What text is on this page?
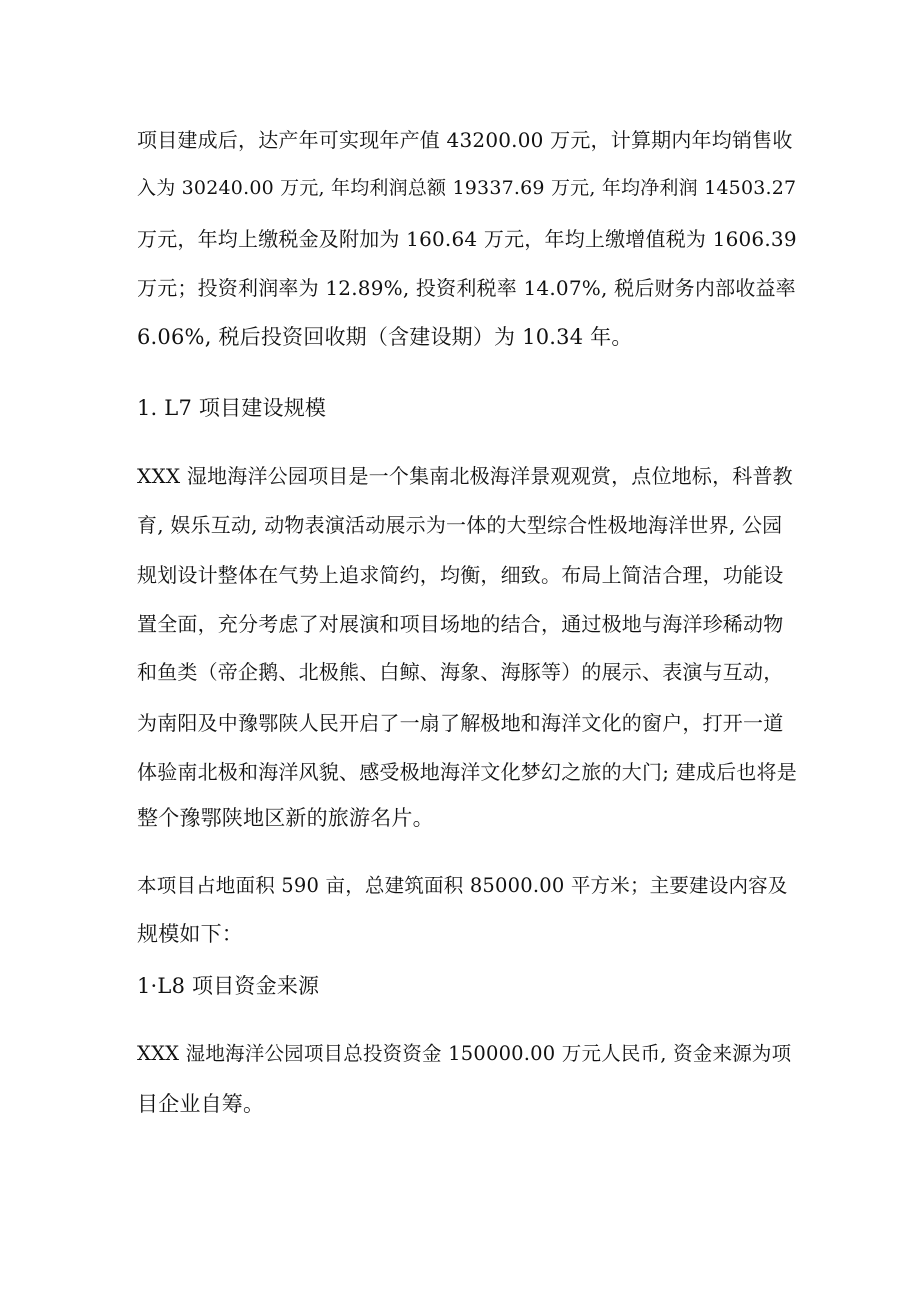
项目建成后，达产年可实现年产值 43200.00 万元，计算期内年均销售收
入为 30240.00 万元, 年均利润总额 19337.69 万元, 年均净利润 14503.27
万元，年均上缴税金及附加为 160.64 万元，年均上缴增值税为 1606.39
万元；投资利润率为 12.89%, 投资利税率 14.07%, 税后财务内部收益率
6.06%, 税后投资回收期（含建设期）为 10.34 年。
1. L7 项目建设规模
XXX 湿地海洋公园项目是一个集南北极海洋景观观赏，点位地标，科普教
育, 娱乐互动, 动物表演活动展示为一体的大型综合性极地海洋世界, 公园
规划设计整体在气势上追求简约，均衡，细致。布局上简洁合理，功能设
置全面，充分考虑了对展演和项目场地的结合，通过极地与海洋珍稀动物
和鱼类（帝企鹅、北极熊、白鲸、海象、海豚等）的展示、表演与互动，
为南阳及中豫鄂陕人民开启了一扇了解极地和海洋文化的窗户，打开一道
体验南北极和海洋风貌、感受极地海洋文化梦幻之旅的大门; 建成后也将是
整个豫鄂陕地区新的旅游名片。
本项目占地面积 590 亩，总建筑面积 85000.00 平方米；主要建设内容及
规模如下：
1·L8 项目资金来源
XXX 湿地海洋公园项目总投资资金 150000.00 万元人民币, 资金来源为项
目企业自筹。
